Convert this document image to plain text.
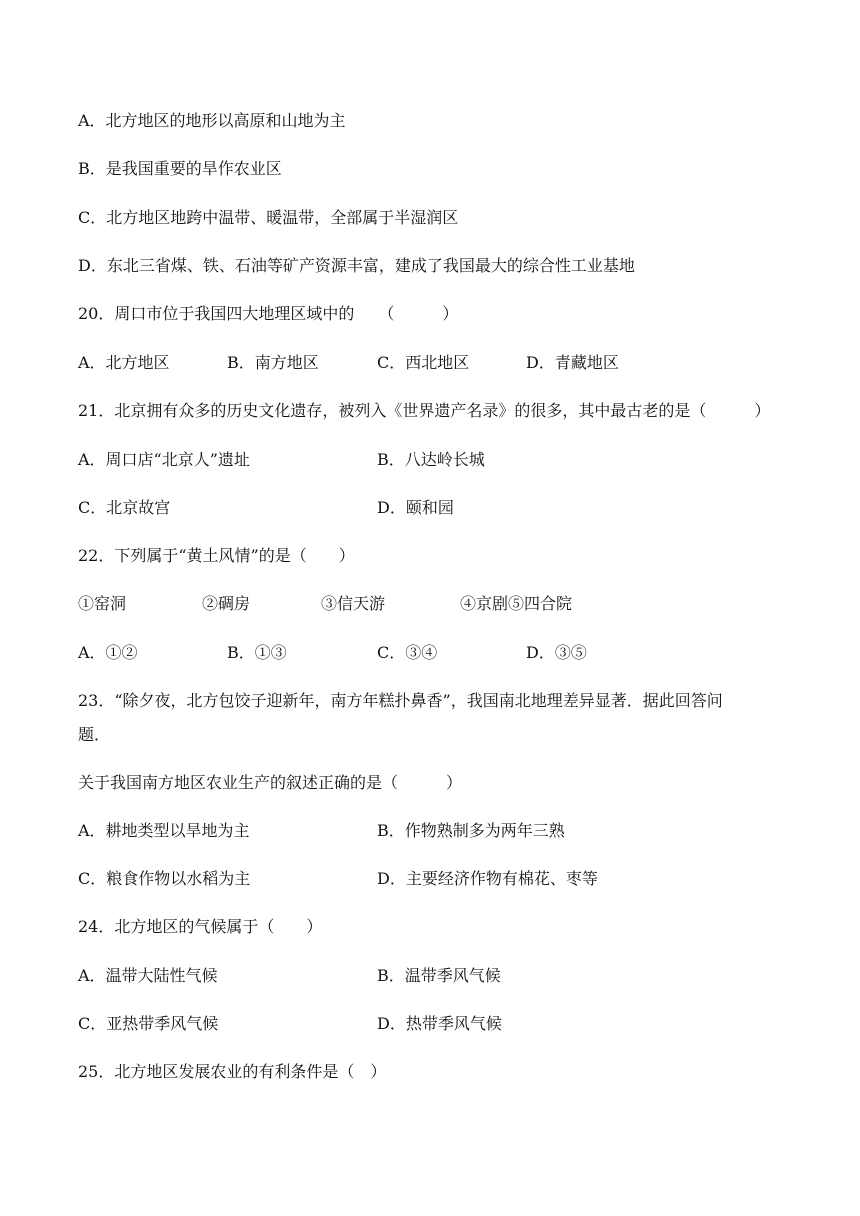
A．北方地区的地形以高原和山地为主
B．是我国重要的旱作农业区
C．北方地区地跨中温带、暖温带，全部属于半湿润区
D．东北三省煤、铁、石油等矿产资源丰富，建成了我国最大的综合性工业基地
20．周口市位于我国四大地理区域中的　　（　　　）
A．北方地区	B．南方地区	C．西北地区	D．青藏地区
21．北京拥有众多的历史文化遗存，被列入《世界遗产名录》的很多，其中最古老的是（　　　）
A．周口店“北京人”遗址	B．八达岭长城
C．北京故宫	D．颐和园
22．下列属于“黄土风情”的是（　　）
①窑洞	②碉房	③信天游	④京剧⑤四合院
A．①②	B．①③	C．③④	D．③⑤
23．“除夕夜，北方包饺子迎新年，南方年糕扑鼻香”，我国南北地理差异显著．据此回答问
题．
关于我国南方地区农业生产的叙述正确的是（　　　）
A．耕地类型以旱地为主	B．作物熟制多为两年三熟
C．粮食作物以水稻为主	D．主要经济作物有棉花、枣等
24．北方地区的气候属于（　　）
A．温带大陆性气候	B．温带季风气候
C．亚热带季风气候	D．热带季风气候
25．北方地区发展农业的有利条件是（　）
